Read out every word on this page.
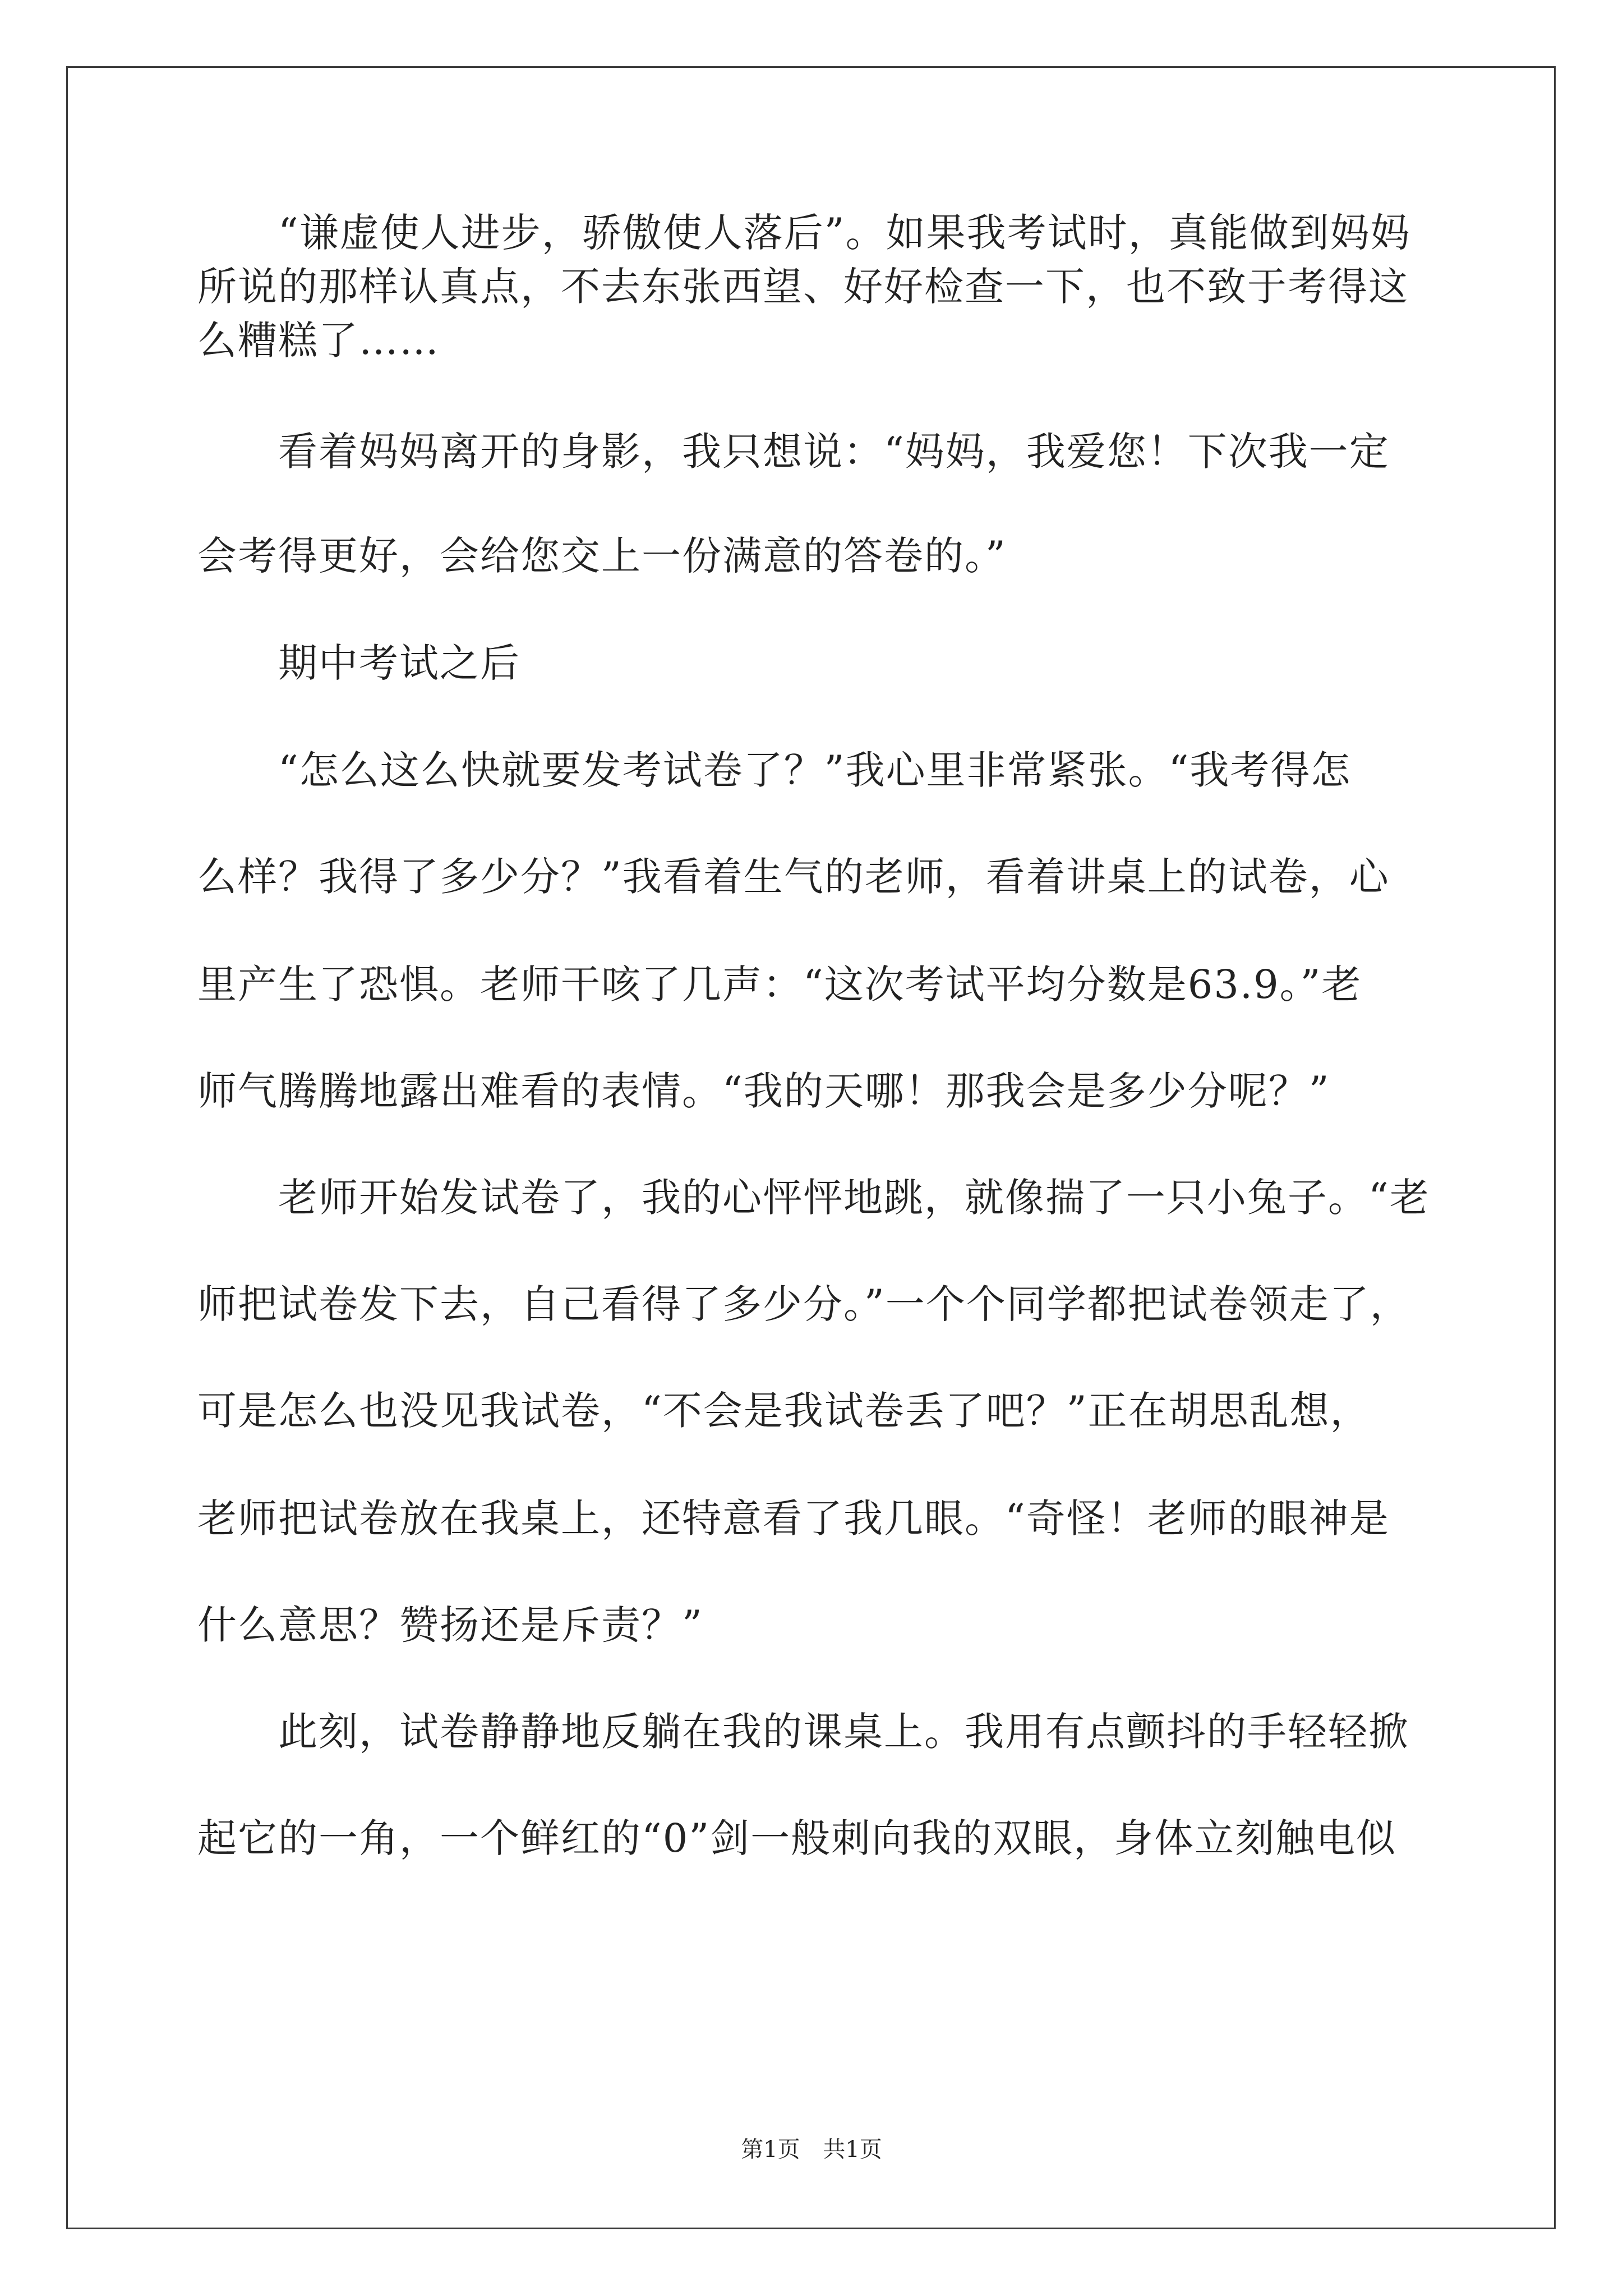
“谦虚使人进步，骄傲使人落后”。如果我考试时，真能做到妈妈
所说的那样认真点，不去东张西望、好好检查一下，也不致于考得这
么糟糕了……
看着妈妈离开的身影，我只想说：“妈妈，我爱您！下次我一定
会考得更好，会给您交上一份满意的答卷的。”
期中考试之后
“怎么这么快就要发考试卷了？”我心里非常紧张。“我考得怎
么样？我得了多少分？”我看着生气的老师，看着讲桌上的试卷，心
里产生了恐惧。老师干咳了几声：“这次考试平均分数是63.9。”老
师气腾腾地露出难看的表情。“我的天哪！那我会是多少分呢？”
老师开始发试卷了，我的心怦怦地跳，就像揣了一只小兔子。“老
师把试卷发下去，自己看得了多少分。”一个个同学都把试卷领走了，
可是怎么也没见我试卷，“不会是我试卷丢了吧？”正在胡思乱想，
老师把试卷放在我桌上，还特意看了我几眼。“奇怪！老师的眼神是
什么意思？赞扬还是斥责？”
此刻，试卷静静地反躺在我的课桌上。我用有点颤抖的手轻轻掀
起它的一角，一个鲜红的“0”剑一般刺向我的双眼，身体立刻触电似
第1页 共1页
